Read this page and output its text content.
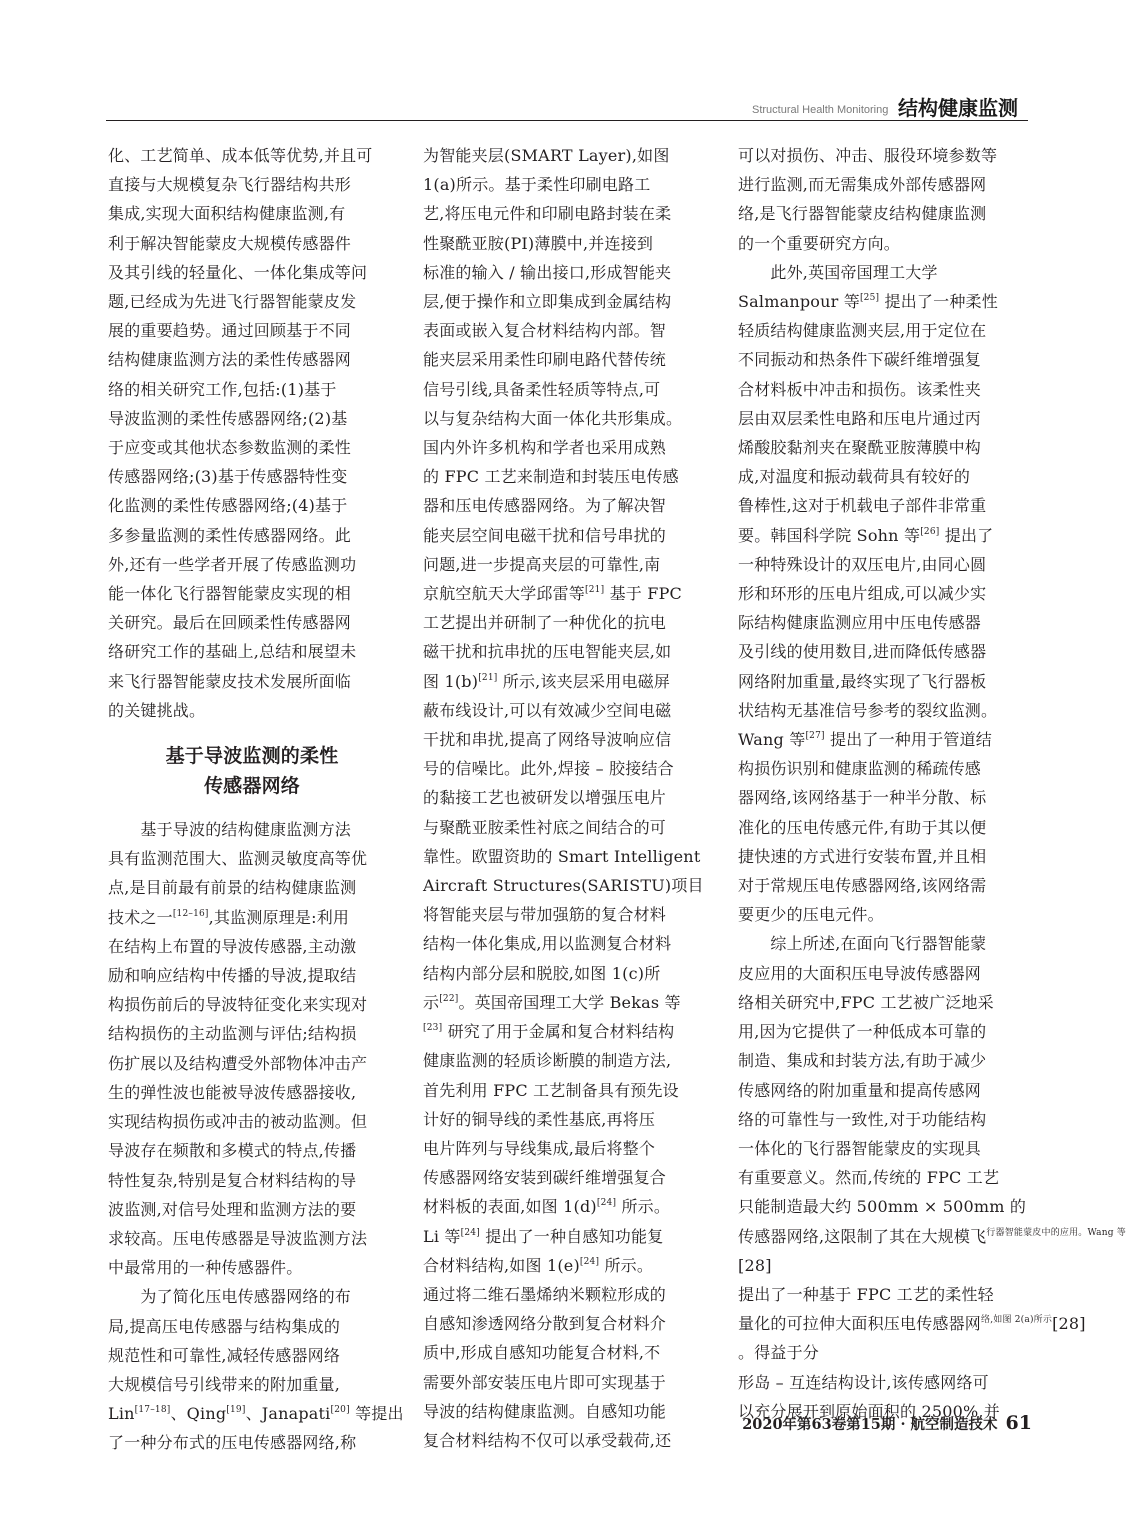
Structural Health Monitoring 结构健康监测

化、工艺简单、成本低等优势,并且可

直接与大规模复杂飞行器结构共形

集成,实现大面积结构健康监测,有

利于解决智能蒙皮大规模传感器件

及其引线的轻量化、一体化集成等问

题,已经成为先进飞行器智能蒙皮发

展的重要趋势。通过回顾基于不同

结构健康监测方法的柔性传感器网

络的相关研究工作,包括:(1)基于

导波监测的柔性传感器网络;(2)基

于应变或其他状态参数监测的柔性

传感器网络;(3)基于传感器特性变

化监测的柔性传感器网络;(4)基于

多参量监测的柔性传感器网络。此

外,还有一些学者开展了传感监测功

能一体化飞行器智能蒙皮实现的相

关研究。最后在回顾柔性传感器网

络研究工作的基础上,总结和展望未

来飞行器智能蒙皮技术发展所面临

的关键挑战。

基于导波监测的柔性
传感器网络

　　基于导波的结构健康监测方法

具有监测范围大、监测灵敏度高等优

点,是目前最有前景的结构健康监测

技术之一[12–16],其监测原理是:利用

在结构上布置的导波传感器,主动激

励和响应结构中传播的导波,提取结

构损伤前后的导波特征变化来实现对

结构损伤的主动监测与评估;结构损

伤扩展以及结构遭受外部物体冲击产

生的弹性波也能被导波传感器接收,

实现结构损伤或冲击的被动监测。但

导波存在频散和多模式的特点,传播

特性复杂,特别是复合材料结构的导

波监测,对信号处理和监测方法的要

求较高。压电传感器是导波监测方法

中最常用的一种传感器件。

　　为了简化压电传感器网络的布

局,提高压电传感器与结构集成的

规范性和可靠性,减轻传感器网络

大规模信号引线带来的附加重量,

Lin[17–18]、Qing[19]、Janapati[20] 等提出

了一种分布式的压电传感器网络,称

为智能夹层(SMART Layer),如图

1(a)所示。基于柔性印刷电路工

艺,将压电元件和印刷电路封装在柔

性聚酰亚胺(PI)薄膜中,并连接到

标准的输入 / 输出接口,形成智能夹

层,便于操作和立即集成到金属结构

表面或嵌入复合材料结构内部。智

能夹层采用柔性印刷电路代替传统

信号引线,具备柔性轻质等特点,可

以与复杂结构大面一体化共形集成。

国内外许多机构和学者也采用成熟

的 FPC 工艺来制造和封装压电传感

器和压电传感器网络。为了解决智

能夹层空间电磁干扰和信号串扰的

问题,进一步提高夹层的可靠性,南

京航空航天大学邱雷等[21] 基于 FPC

工艺提出并研制了一种优化的抗电

磁干扰和抗串扰的压电智能夹层,如

图 1(b)[21] 所示,该夹层采用电磁屏

蔽布线设计,可以有效减少空间电磁

干扰和串扰,提高了网络导波响应信

号的信噪比。此外,焊接 – 胶接结合

的黏接工艺也被研发以增强压电片

与聚酰亚胺柔性衬底之间结合的可

靠性。欧盟资助的 Smart Intelligent

Aircraft Structures(SARISTU)项目

将智能夹层与带加强筋的复合材料

结构一体化集成,用以监测复合材料

结构内部分层和脱胶,如图 1(c)所

示[22]。英国帝国理工大学 Bekas 等

[23] 研究了用于金属和复合材料结构

健康监测的轻质诊断膜的制造方法,

首先利用 FPC 工艺制备具有预先设

计好的铜导线的柔性基底,再将压

电片阵列与导线集成,最后将整个

传感器网络安装到碳纤维增强复合

材料板的表面,如图 1(d)[24] 所示。

Li 等[24] 提出了一种自感知功能复

合材料结构,如图 1(e)[24] 所示。

通过将二维石墨烯纳米颗粒形成的

自感知渗透网络分散到复合材料介

质中,形成自感知功能复合材料,不

需要外部安装压电片即可实现基于

导波的结构健康监测。自感知功能

复合材料结构不仅可以承受载荷,还

可以对损伤、冲击、服役环境参数等

进行监测,而无需集成外部传感器网

络,是飞行器智能蒙皮结构健康监测

的一个重要研究方向。

　　此外,英国帝国理工大学

Salmanpour 等[25] 提出了一种柔性

轻质结构健康监测夹层,用于定位在

不同振动和热条件下碳纤维增强复

合材料板中冲击和损伤。该柔性夹

层由双层柔性电路和压电片通过丙

烯酸胶黏剂夹在聚酰亚胺薄膜中构

成,对温度和振动载荷具有较好的

鲁棒性,这对于机载电子部件非常重

要。韩国科学院 Sohn 等[26] 提出了

一种特殊设计的双压电片,由同心圆

形和环形的压电片组成,可以减少实

际结构健康监测应用中压电传感器

及引线的使用数目,进而降低传感器

网络附加重量,最终实现了飞行器板

状结构无基准信号参考的裂纹监测。

Wang 等[27] 提出了一种用于管道结

构损伤识别和健康监测的稀疏传感

器网络,该网络基于一种半分散、标

准化的压电传感元件,有助于其以便

捷快速的方式进行安装布置,并且相

对于常规压电传感器网络,该网络需

要更少的压电元件。

　　综上所述,在面向飞行器智能蒙

皮应用的大面积压电导波传感器网

络相关研究中,FPC 工艺被广泛地采

用,因为它提供了一种低成本可靠的

制造、集成和封装方法,有助于减少

传感网络的附加重量和提高传感网

络的可靠性与一致性,对于功能结构

一体化的飞行器智能蒙皮的实现具

有重要意义。然而,传统的 FPC 工艺

只能制造最大约 500mm × 500mm 的

传感器网络,这限制了其在大规模飞$^{行器智能蒙皮中的应用。Wang 等}$

[28]

提出了一种基于 FPC 工艺的柔性轻

量化的可拉伸大面积压电传感器网$^{络,如图 2(a)所示}$[28]

。得益于分

形岛 – 互连结构设计,该传感网络可

以充分展开到原始面积的 2500%,并

2020年第63卷第15期 · 航空制造技术 61
